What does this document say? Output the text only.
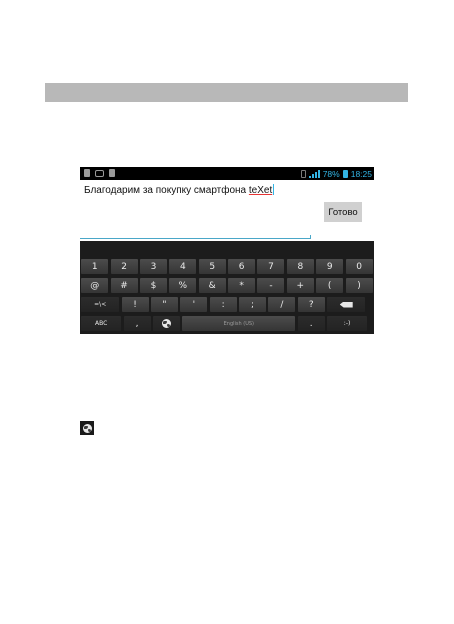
78% 18:25
Благодарим за покупку смартфона teXet
Готово
1	2	3	4	5	6	7	8	9	0
@	#	$	%	&	*	-	+	(	)
=\<	!	"	'	:	;	/	?
ABC	,	English (US)	.	:-)
